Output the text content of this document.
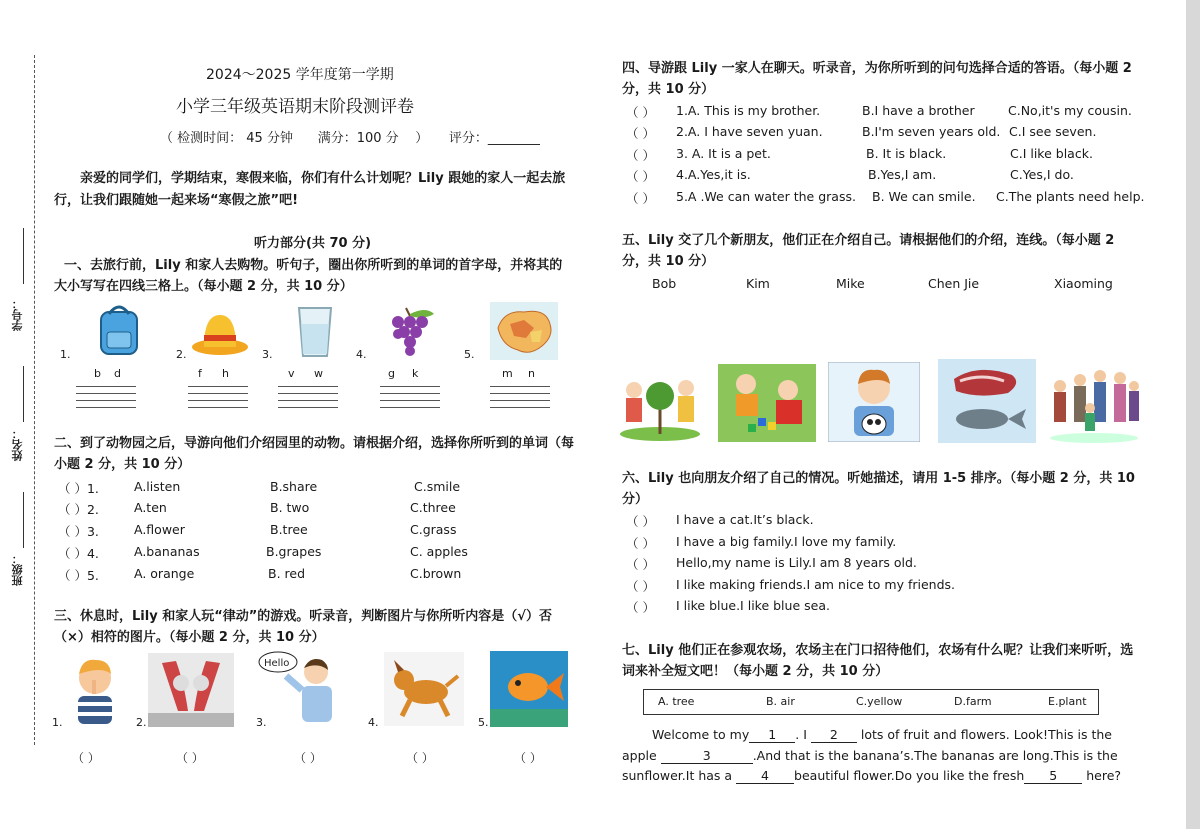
学号：
姓名：
班级：
2024～2025 学年度第一学期
小学三年级英语期末阶段测评卷
（ 检测时间： 45 分钟      满分：100 分    ）     评分：________
亲爱的同学们，学期结束，寒假来临，你们有什么计划呢？Lily 跟她的家人一起去旅行，让我们跟随她一起来场“寒假之旅”吧!
听力部分(共 70 分)
一、去旅行前，Lily 和家人去购物。听句子，圈出你所听到的单词的首字母，并将其的大小写写在四线三格上。（每小题 2 分，共 10 分）
1.	2.	3.	4.	5.
b d	f h	v w	g k	m n
二、到了动物园之后，导游向他们介绍园里的动物。请根据介绍，选择你所听到的单词（每小题 2 分，共 10 分）
（ ）1.	A.listen	B.share	C.smile
（ ）2.	A.ten	B. two	C.three
（ ）3.	A.flower	B.tree	C.grass
（ ）4.	A.bananas	B.grapes	C. apples
（ ）5.	A. orange	B. red	C.brown
三、休息时，Lily 和家人玩“律动”的游戏。听录音，判断图片与你所听内容是（√）否（×）相符的图片。（每小题 2 分，共 10 分）
1.	2.
Hello
3.	4.	5.
（ ）	（ ）	（ ）	（ ）	（ ）
四、导游跟 Lily 一家人在聊天。听录音，为你所听到的问句选择合适的答语。（每小题 2 分，共 10 分）
（ ） 1.A. This is my brother.	B.I have a brother	C.No,it's my cousin.
（ ） 2.A. I have seven yuan.	B.I'm seven years old. C.I see seven.
（ ） 3. A. It is a pet.	B. It is black.	C.I like black.
（ ） 4.A.Yes,it is.	B.Yes,I am.	C.Yes,I do.
（ ） 5.A .We can water the grass. B. We can smile. C.The plants need help.
五、Lily 交了几个新朋友，他们正在介绍自己。请根据他们的介绍，连线。（每小题 2 分，共 10 分）
Bob	Kim	Mike	Chen Jie	Xiaoming
六、Lily 也向朋友介绍了自己的情况。听她描述，请用 1-5 排序。（每小题 2 分，共 10 分）
（ ） I have a cat.It’s black.
（ ） I have a big family.I love my family.
（ ） Hello,my name is Lily.I am 8 years old.
（ ） I like making friends.I am nice to my friends.
（ ） I like blue.I like blue sea.
七、Lily 他们正在参观农场，农场主在门口招待他们，农场有什么呢？让我们来听听，选词来补全短文吧！（每小题 2 分，共 10 分）
A. tree	B. air	C.yellow	D.farm	E.plant
Welcome to my 1 . I 2 lots of fruit and flowers. Look!This is the
apple	3	.And that is the banana’s.The bananas are long.This is the
sunflower.It has a 4 beautiful flower.Do you like the fresh 5 here?
